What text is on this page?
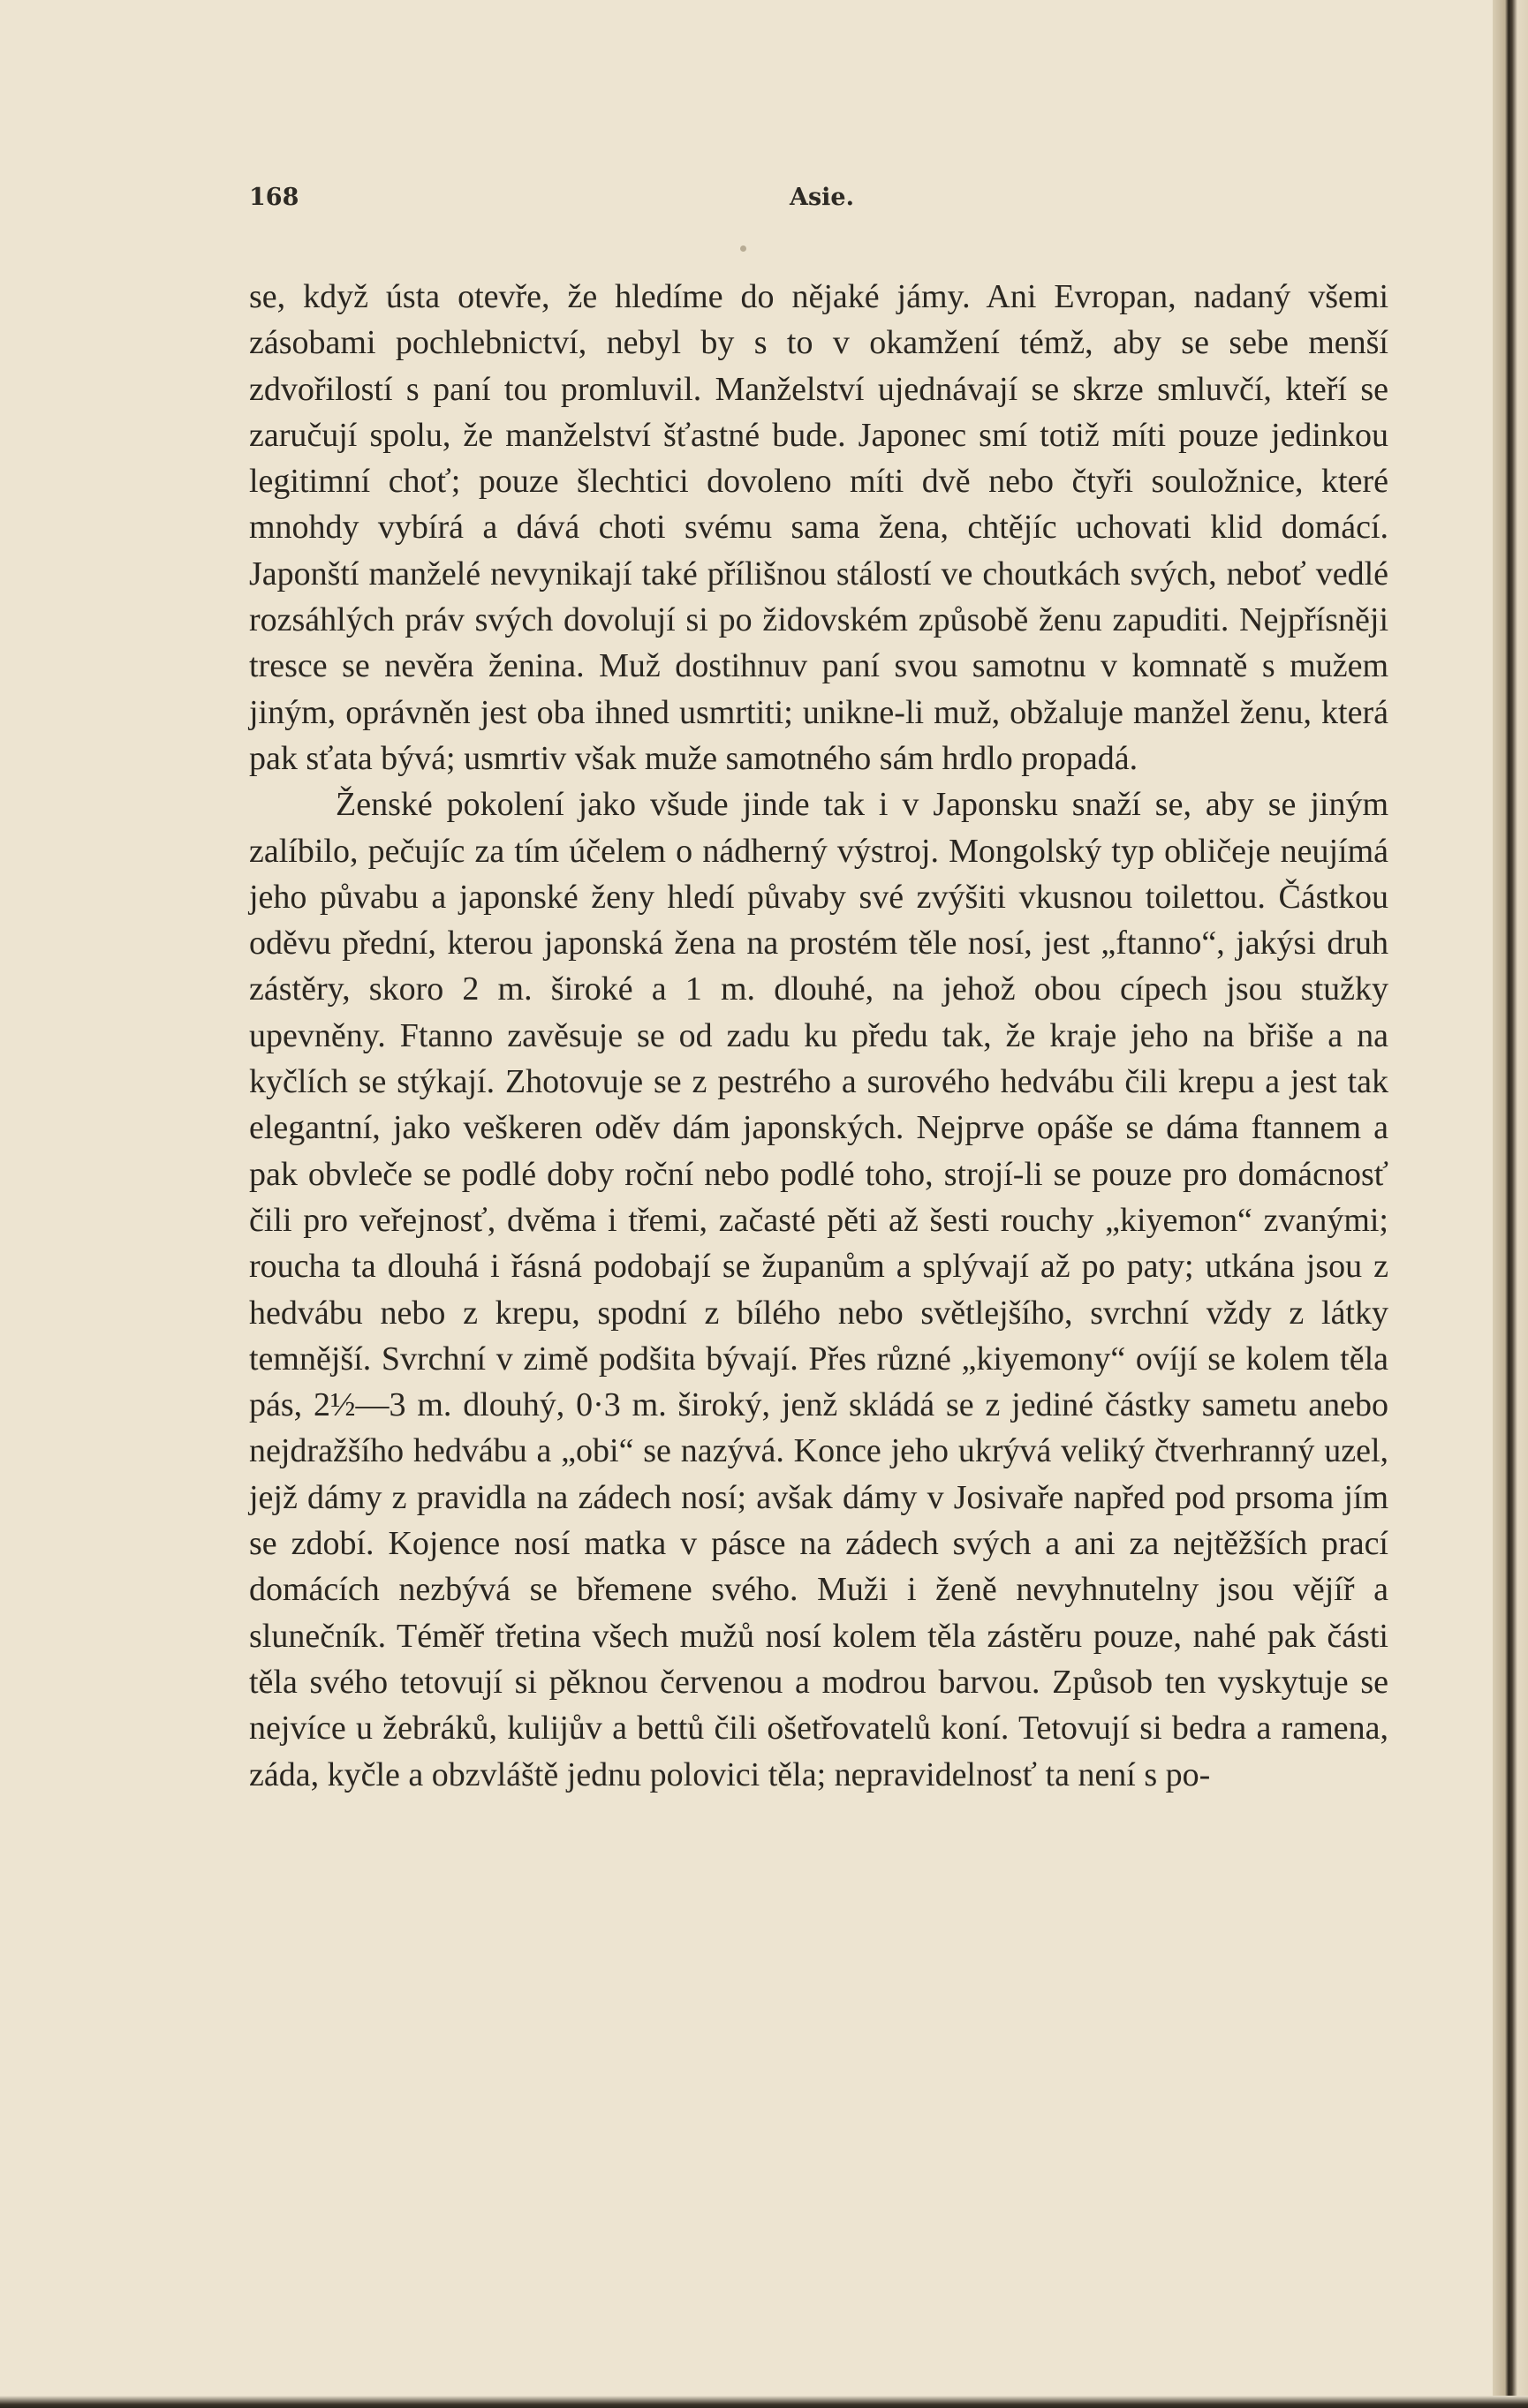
168	Asie.

se, když ústa otevře, že hledíme do nějaké jámy. Ani Evropan, nadaný všemi zásobami pochlebnictví, nebyl by s to v okamžení témž, aby se sebe menší zdvořilostí s paní tou promluvil. Manželství ujednávají se skrze smluvčí, kteří se zaručují spolu, že manželství šťastné bude. Japonec smí totiž míti pouze jedinkou legitimní choť; pouze šlechtici dovoleno míti dvě nebo čtyři souložnice, které mnohdy vybírá a dává choti svému sama žena, chtějíc uchovati klid domácí. Japonští manželé nevynikají také přílišnou stálostí ve choutkách svých, neboť vedlé rozsáhlých práv svých dovolují si po židovském způsobě ženu zapuditi. Nejpřísněji tresce se nevěra ženina. Muž dostihnuv paní svou samotnu v komnatě s mužem jiným, oprávněn jest oba ihned usmrtiti; unikne-li muž, obžaluje manžel ženu, která pak sťata bývá; usmrtiv však muže samotného sám hrdlo propadá.

Ženské pokolení jako všude jinde tak i v Japonsku snaží se, aby se jiným zalíbilo, pečujíc za tím účelem o nádherný výstroj. Mongolský typ obličeje neujímá jeho půvabu a japonské ženy hledí půvaby své zvýšiti vkusnou toilettou. Částkou oděvu přední, kterou japonská žena na prostém těle nosí, jest „ftanno“, jakýsi druh zástěry, skoro 2 m. široké a 1 m. dlouhé, na jehož obou cípech jsou stužky upevněny. Ftanno zavěsuje se od zadu ku předu tak, že kraje jeho na břiše a na kyčlích se stýkají. Zhotovuje se z pestrého a surového hedvábu čili krepu a jest tak elegantní, jako veškeren oděv dám japonských. Nejprve opáše se dáma ftannem a pak obvleče se podlé doby roční nebo podlé toho, strojí-li se pouze pro domácnosť čili pro veřejnosť, dvěma i třemi, začasté pěti až šesti rouchy „kiyemon“ zvanými; roucha ta dlouhá i řásná podobají se županům a splývají až po paty; utkána jsou z hedvábu nebo z krepu, spodní z bílého nebo světlejšího, svrchní vždy z látky temnější. Svrchní v zimě podšita bývají. Přes různé „kiyemony“ ovíjí se kolem těla pás, 2½—3 m. dlouhý, 0·3 m. široký, jenž skládá se z jediné částky sametu anebo nejdražšího hedvábu a „obi“ se nazývá. Konce jeho ukrývá veliký čtverhranný uzel, jejž dámy z pravidla na zádech nosí; avšak dámy v Josivaře napřed pod prsoma jím se zdobí. Kojence nosí matka v pásce na zádech svých a ani za nejtěžších prací domácích nezbývá se břemene svého. Muži i ženě nevyhnutelny jsou vějíř a slunečník. Téměř třetina všech mužů nosí kolem těla zástěru pouze, nahé pak části těla svého tetovují si pěknou červenou a modrou barvou. Způsob ten vyskytuje se nejvíce u žebráků, kulijův a bettů čili ošetřovatelů koní. Tetovují si bedra a ramena, záda, kyčle a obzvláště jednu polovici těla; nepravidelnosť ta není s po-
